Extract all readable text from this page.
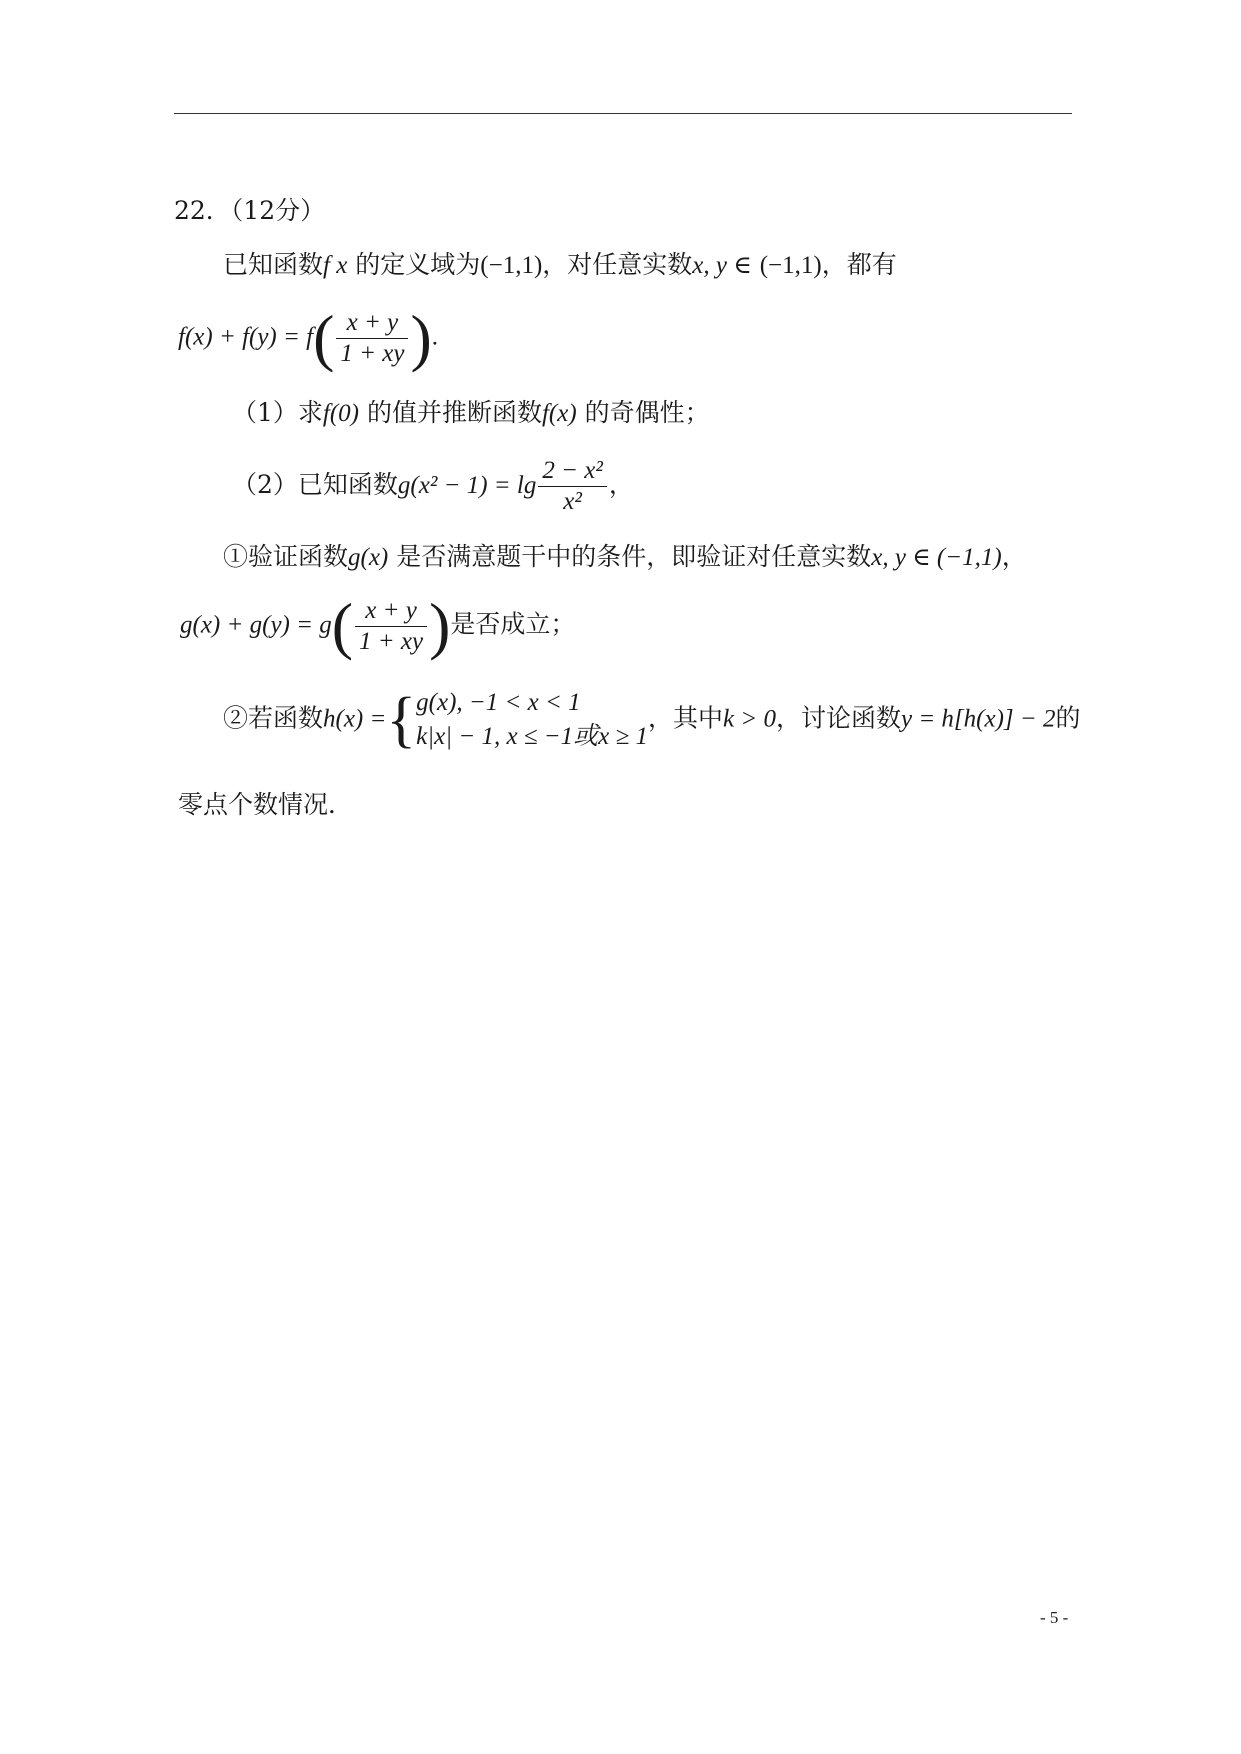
22．（12分）
已知函数f x 的定义域为(−1,1)，对任意实数x, y ∈ (−1,1)，都有
$f(x) + f(y) = f( \frac{x + y}{1 + xy}$ ).
（1）求f(0) 的值并推断函数f(x) 的奇偶性；
（2）已知函数$g(x^2 - 1) = \lg \frac{\text{2 − x²}}{\text{x²}}$ ，
①验证函数g(x) 是否满意题干中的条件，即验证对任意实数x, y ∈ (−1,1)，
$g(x) + g(y) = g( \frac{x + y}{1 + xy}$ )是否成立；
②若函数h(x) ={ g(x), −1 < x < 1
k|x| − 1, x ≤ −1或x ≥ 1
，其中k > 0，讨论函数y = h[h(x)] − 2的
零点个数情况．
- 5 -
